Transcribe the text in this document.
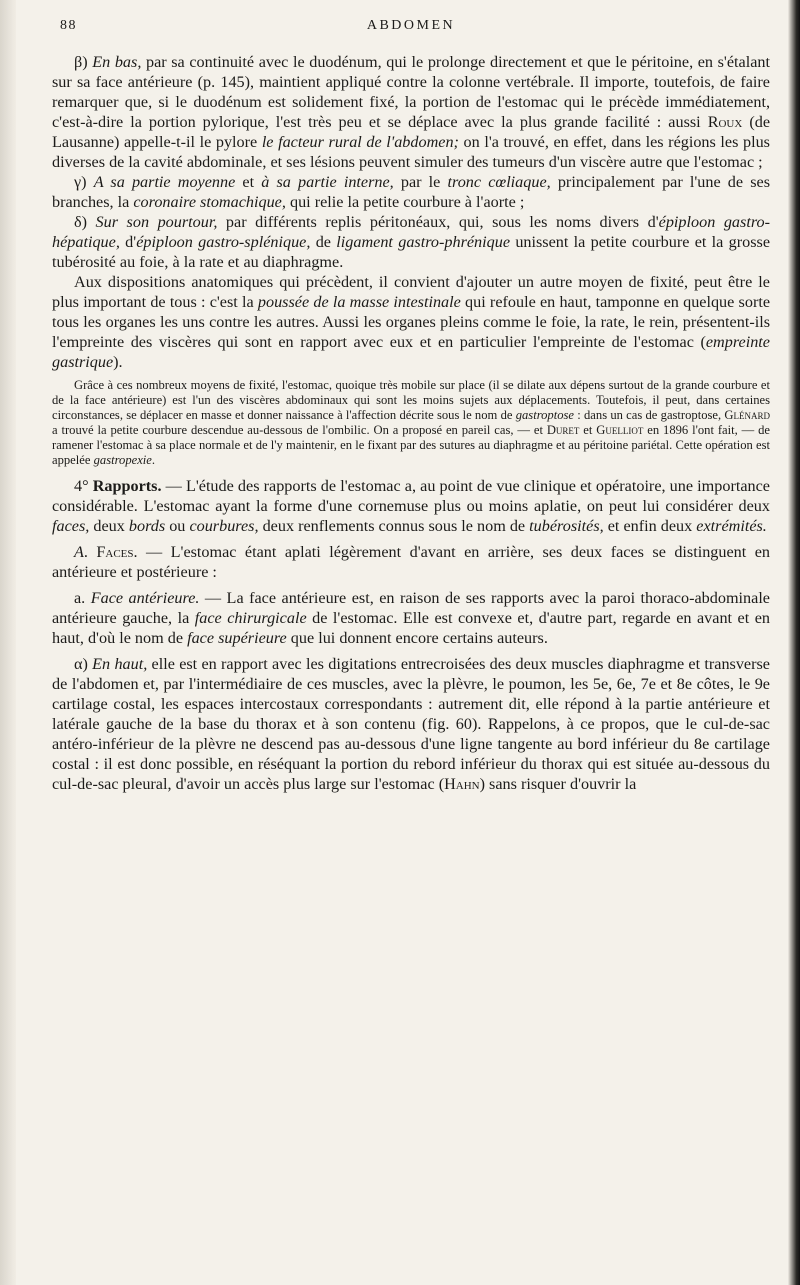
88	ABDOMEN

β) En bas, par sa continuité avec le duodénum, qui le prolonge directement et que le péritoine, en s'étalant sur sa face antérieure (p. 145), maintient appliqué contre la colonne vertébrale. Il importe, toutefois, de faire remarquer que, si le duodénum est solidement fixé, la portion de l'estomac qui le précède immédiatement, c'est-à-dire la portion pylorique, l'est très peu et se déplace avec la plus grande facilité : aussi Roux (de Lausanne) appelle-t-il le pylore le facteur rural de l'abdomen; on l'a trouvé, en effet, dans les régions les plus diverses de la cavité abdominale, et ses lésions peuvent simuler des tumeurs d'un viscère autre que l'estomac ;

γ) A sa partie moyenne et à sa partie interne, par le tronc cœliaque, principalement par l'une de ses branches, la coronaire stomachique, qui relie la petite courbure à l'aorte ;

δ) Sur son pourtour, par différents replis péritonéaux, qui, sous les noms divers d'épiploon gastro-hépatique, d'épiploon gastro-splénique, de ligament gastro-phrénique unissent la petite courbure et la grosse tubérosité au foie, à la rate et au diaphragme.

Aux dispositions anatomiques qui précèdent, il convient d'ajouter un autre moyen de fixité, peut être le plus important de tous : c'est la poussée de la masse intestinale qui refoule en haut, tamponne en quelque sorte tous les organes les uns contre les autres. Aussi les organes pleins comme le foie, la rate, le rein, présentent-ils l'empreinte des viscères qui sont en rapport avec eux et en particulier l'empreinte de l'estomac (empreinte gastrique).

Grâce à ces nombreux moyens de fixité, l'estomac, quoique très mobile sur place (il se dilate aux dépens surtout de la grande courbure et de la face antérieure) est l'un des viscères abdominaux qui sont les moins sujets aux déplacements. Toutefois, il peut, dans certaines circonstances, se déplacer en masse et donner naissance à l'affection décrite sous le nom de gastroptose : dans un cas de gastroptose, Glénard a trouvé la petite courbure descendue au-dessous de l'ombilic. On a proposé en pareil cas, — et Duret et Guelliot en 1896 l'ont fait, — de ramener l'estomac à sa place normale et de l'y maintenir, en le fixant par des sutures au diaphragme et au péritoine pariétal. Cette opération est appelée gastropexie.

4° Rapports. — L'étude des rapports de l'estomac a, au point de vue clinique et opératoire, une importance considérable. L'estomac ayant la forme d'une cornemuse plus ou moins aplatie, on peut lui considérer deux faces, deux bords ou courbures, deux renflements connus sous le nom de tubérosités, et enfin deux extrémités.

A. Faces. — L'estomac étant aplati légèrement d'avant en arrière, ses deux faces se distinguent en antérieure et postérieure :

a. Face antérieure. — La face antérieure est, en raison de ses rapports avec la paroi thoraco-abdominale antérieure gauche, la face chirurgicale de l'estomac. Elle est convexe et, d'autre part, regarde en avant et en haut, d'où le nom de face supérieure que lui donnent encore certains auteurs.

α) En haut, elle est en rapport avec les digitations entrecroisées des deux muscles diaphragme et transverse de l'abdomen et, par l'intermédiaire de ces muscles, avec la plèvre, le poumon, les 5e, 6e, 7e et 8e côtes, le 9e cartilage costal, les espaces intercostaux correspondants : autrement dit, elle répond à la partie antérieure et latérale gauche de la base du thorax et à son contenu (fig. 60). Rappelons, à ce propos, que le cul-de-sac antéro-inférieur de la plèvre ne descend pas au-dessous d'une ligne tangente au bord inférieur du 8e cartilage costal : il est donc possible, en réséquant la portion du rebord inférieur du thorax qui est située au-dessous du cul-de-sac pleural, d'avoir un accès plus large sur l'estomac (Hahn) sans risquer d'ouvrir la
